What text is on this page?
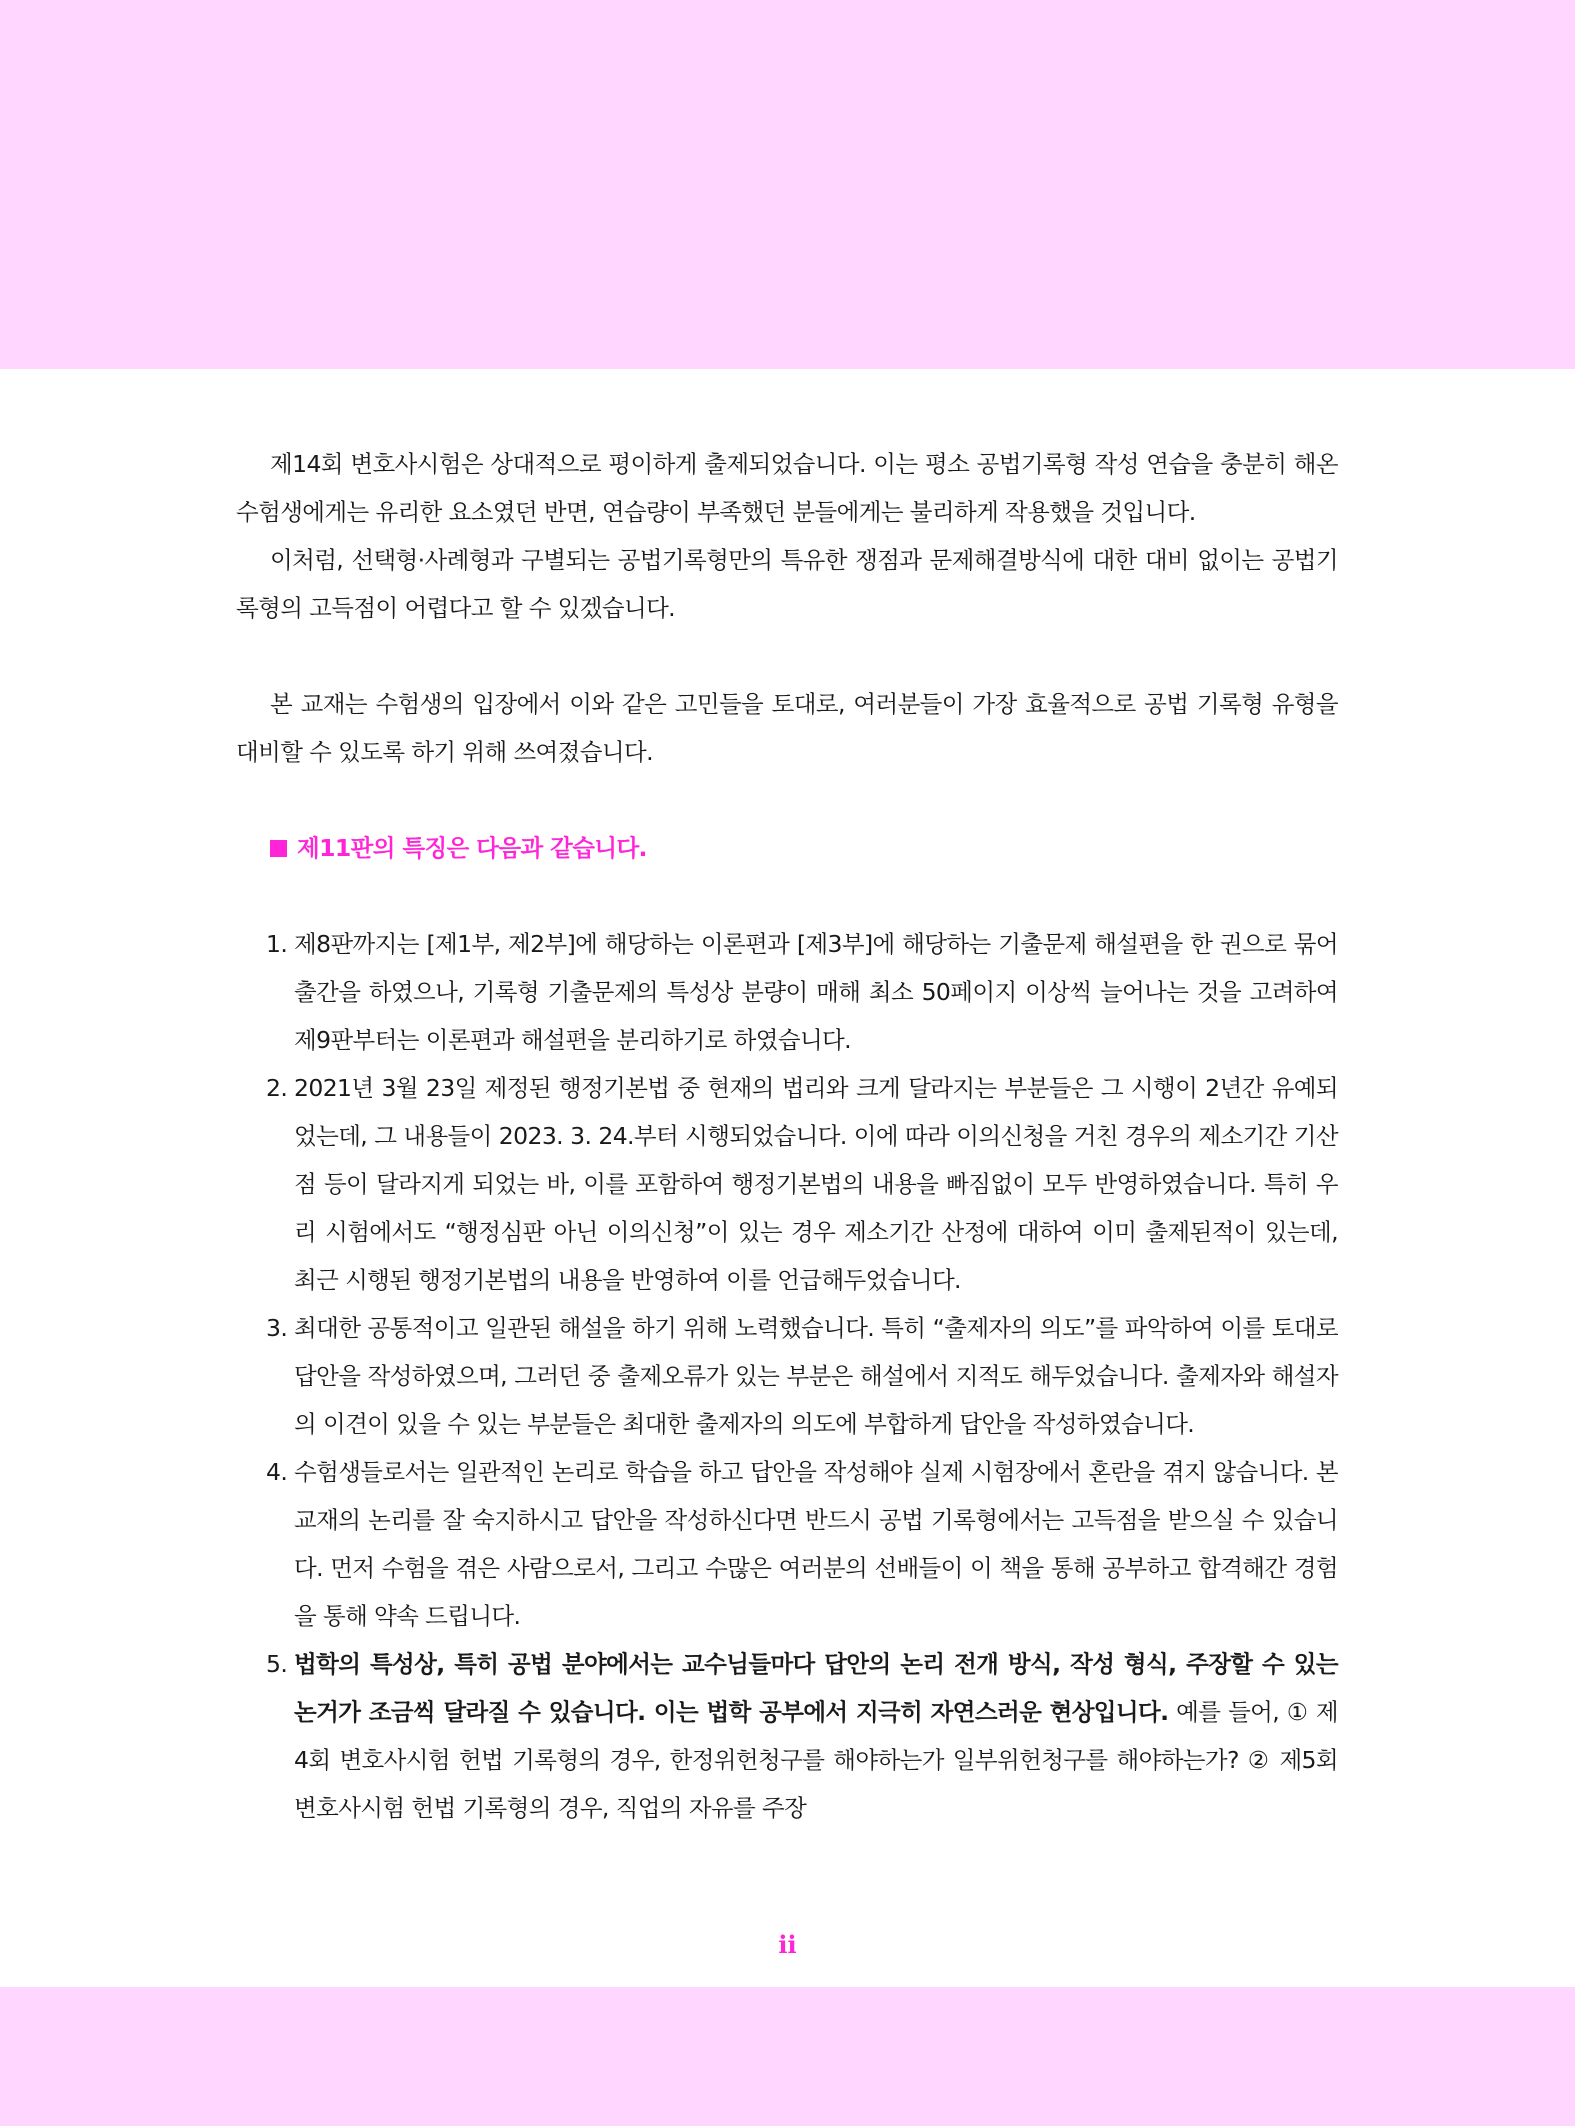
제14회 변호사시험은 상대적으로 평이하게 출제되었습니다. 이는 평소 공법기록형 작성 연습을 충분히 해온 수험생에게는 유리한 요소였던 반면, 연습량이 부족했던 분들에게는 불리하게 작용했을 것입니다.

이처럼, 선택형·사례형과 구별되는 공법기록형만의 특유한 쟁점과 문제해결방식에 대한 대비 없이는 공법기록형의 고득점이 어렵다고 할 수 있겠습니다.

본 교재는 수험생의 입장에서 이와 같은 고민들을 토대로, 여러분들이 가장 효율적으로 공법 기록형 유형을 대비할 수 있도록 하기 위해 쓰여졌습니다.

제11판의 특징은 다음과 같습니다.
1. 제8판까지는 [제1부, 제2부]에 해당하는 이론편과 [제3부]에 해당하는 기출문제 해설편을 한 권으로 묶어 출간을 하였으나, 기록형 기출문제의 특성상 분량이 매해 최소 50페이지 이상씩 늘어나는 것을 고려하여 제9판부터는 이론편과 해설편을 분리하기로 하였습니다.
2. 2021년 3월 23일 제정된 행정기본법 중 현재의 법리와 크게 달라지는 부분들은 그 시행이 2년간 유예되었는데, 그 내용들이 2023. 3. 24.부터 시행되었습니다. 이에 따라 이의신청을 거친 경우의 제소기간 기산점 등이 달라지게 되었는 바, 이를 포함하여 행정기본법의 내용을 빠짐없이 모두 반영하였습니다. 특히 우리 시험에서도 “행정심판 아닌 이의신청”이 있는 경우 제소기간 산정에 대하여 이미 출제된적이 있는데, 최근 시행된 행정기본법의 내용을 반영하여 이를 언급해두었습니다.
3. 최대한 공통적이고 일관된 해설을 하기 위해 노력했습니다. 특히 “출제자의 의도”를 파악하여 이를 토대로 답안을 작성하였으며, 그러던 중 출제오류가 있는 부분은 해설에서 지적도 해두었습니다. 출제자와 해설자의 이견이 있을 수 있는 부분들은 최대한 출제자의 의도에 부합하게 답안을 작성하였습니다.
4. 수험생들로서는 일관적인 논리로 학습을 하고 답안을 작성해야 실제 시험장에서 혼란을 겪지 않습니다. 본 교재의 논리를 잘 숙지하시고 답안을 작성하신다면 반드시 공법 기록형에서는 고득점을 받으실 수 있습니다. 먼저 수험을 겪은 사람으로서, 그리고 수많은 여러분의 선배들이 이 책을 통해 공부하고 합격해간 경험을 통해 약속 드립니다.
5. 법학의 특성상, 특히 공법 분야에서는 교수님들마다 답안의 논리 전개 방식, 작성 형식, 주장할 수 있는 논거가 조금씩 달라질 수 있습니다. 이는 법학 공부에서 지극히 자연스러운 현상입니다. 예를 들어, ① 제4회 변호사시험 헌법 기록형의 경우, 한정위헌청구를 해야하는가 일부위헌청구를 해야하는가? ② 제5회 변호사시험 헌법 기록형의 경우, 직업의 자유를 주장
ii
